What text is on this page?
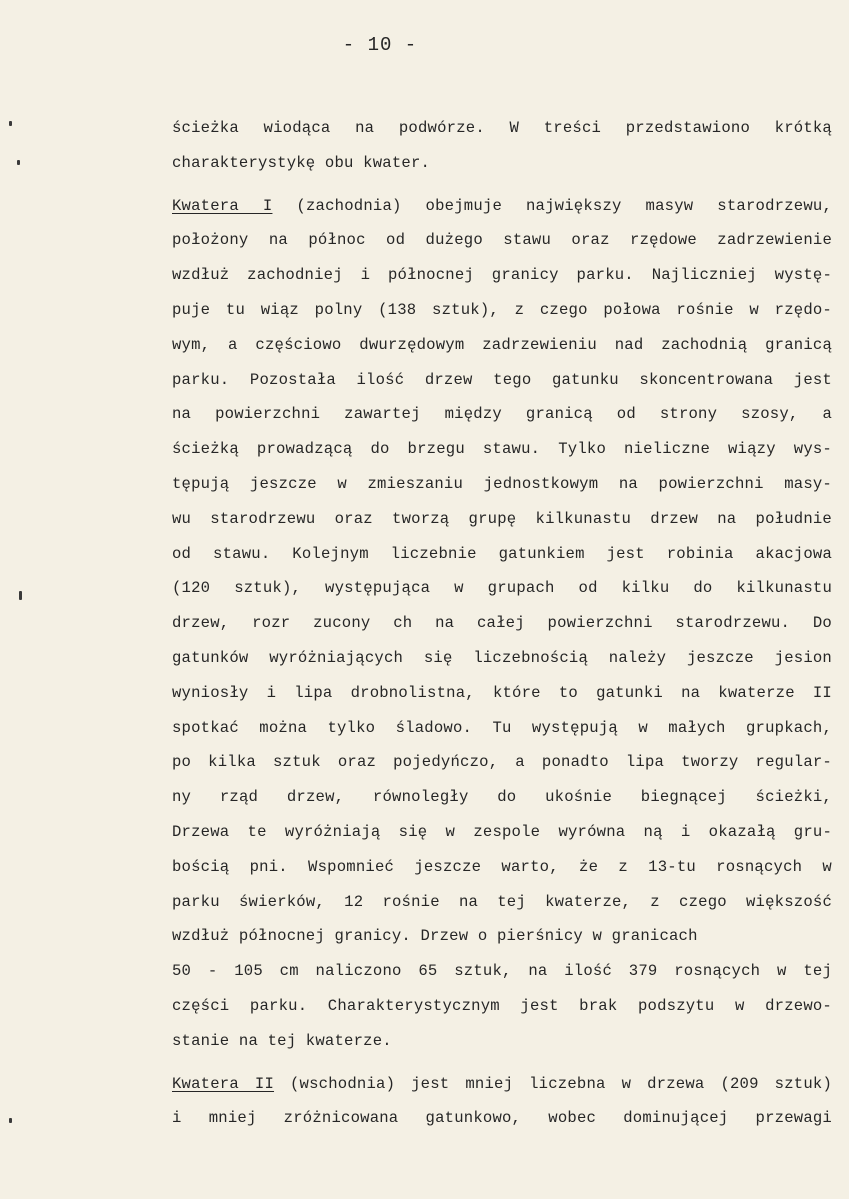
- 10 -
ścieżka wiodąca na podwórze. W treści przedstawiono krótką
charakterystykę obu kwater.
Kwatera I (zachodnia) obejmuje największy masyw starodrzewu,
położony na północ od dużego stawu oraz rzędowe zadrzewienie
wzdłuż zachodniej i północnej granicy parku. Najliczniej wystę-
puje tu wiąz polny (138 sztuk), z czego połowa rośnie w rzędo-
wym, a częściowo dwurzędowym zadrzewieniu nad zachodnią granicą
parku. Pozostała ilość drzew tego gatunku skoncentrowana jest
na powierzchni zawartej między granicą od strony szosy, a
ścieżką prowadzącą do brzegu stawu. Tylko nieliczne wiązy wys-
tępują jeszcze w zmieszaniu jednostkowym na powierzchni masy-
wu starodrzewu oraz tworzą grupę kilkunastu drzew na południe
od stawu. Kolejnym liczebnie gatunkiem jest robinia akacjowa
(120 sztuk), występująca w grupach od kilku do kilkunastu
drzew, rozr zucony ch na całej powierzchni starodrzewu. Do
gatunków wyróżniających się liczebnością należy jeszcze jesion
wyniosły i lipa drobnolistna, które to gatunki na kwaterze II
spotkać można tylko śladowo. Tu występują w małych grupkach,
po kilka sztuk oraz pojedyńczo, a ponadto lipa tworzy regular-
ny rząd drzew, równoległy do ukośnie biegnącej ścieżki,
Drzewa te wyróżniają się w zespole wyrówna ną i okazałą gru-
bością pni. Wspomnieć jeszcze warto, że z 13-tu rosnących w
parku świerków, 12 rośnie na tej kwaterze, z czego większość
wzdłuż północnej granicy. Drzew o pierśnicy w granicach
50 - 105 cm naliczono 65 sztuk, na ilość 379 rosnących w tej
części parku. Charakterystycznym jest brak podszytu w drzewo-
stanie na tej kwaterze.
Kwatera II (wschodnia) jest mniej liczebna w drzewa (209 sztuk)
i mniej zróżnicowana gatunkowo, wobec dominującej przewagi
